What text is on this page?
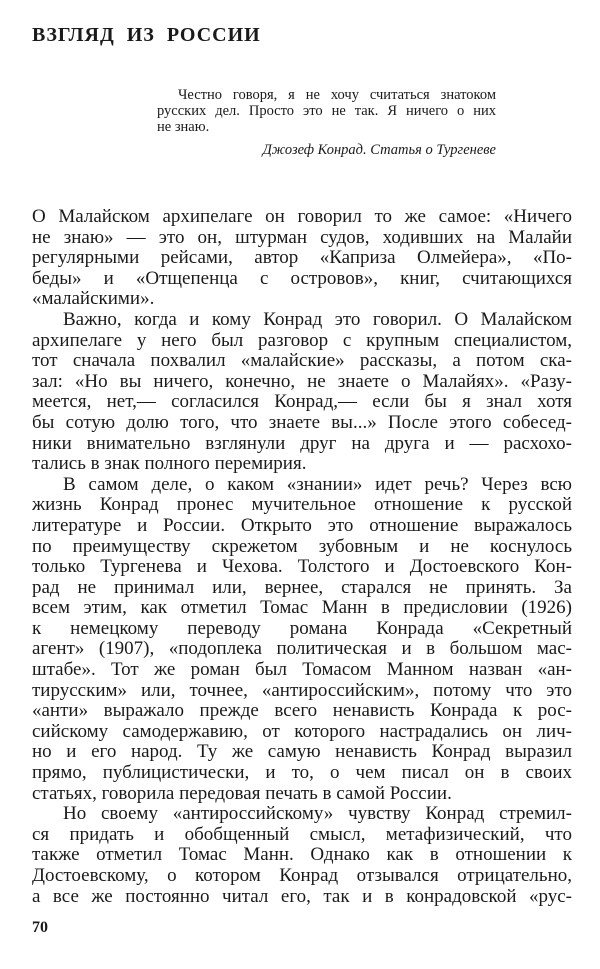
ВЗГЛЯД ИЗ РОССИИ
Честно говоря, я не хочу считаться знатоком
русских дел. Просто это не так. Я ничего о них
не знаю.
Джозеф Конрад. Статья о Тургеневе
О Малайском архипелаге он говорил то же самое: «Ничего
не знаю» — это он, штурман судов, ходивших на Малайи
регулярными рейсами, автор «Каприза Олмейера», «По-
беды» и «Отщепенца с островов», книг, считающихся
«малайскими».
Важно, когда и кому Конрад это говорил. О Малайском
архипелаге у него был разговор с крупным специалистом,
тот сначала похвалил «малайские» рассказы, а потом ска-
зал: «Но вы ничего, конечно, не знаете о Малайях». «Разу-
меется, нет,— согласился Конрад,— если бы я знал хотя
бы сотую долю того, что знаете вы...» После этого собесед-
ники внимательно взглянули друг на друга и — расхохо-
тались в знак полного перемирия.
В самом деле, о каком «знании» идет речь? Через всю
жизнь Конрад пронес мучительное отношение к русской
литературе и России. Открыто это отношение выражалось
по преимуществу скрежетом зубовным и не коснулось
только Тургенева и Чехова. Толстого и Достоевского Кон-
рад не принимал или, вернее, старался не принять. За
всем этим, как отметил Томас Манн в предисловии (1926)
к немецкому переводу романа Конрада «Секретный
агент» (1907), «подоплека политическая и в большом мас-
штабе». Тот же роман был Томасом Манном назван «ан-
тирусским» или, точнее, «антироссийским», потому что это
«анти» выражало прежде всего ненависть Конрада к рос-
сийскому самодержавию, от которого настрадались он лич-
но и его народ. Ту же самую ненависть Конрад выразил
прямо, публицистически, и то, о чем писал он в своих
статьях, говорила передовая печать в самой России.
Но своему «антироссийскому» чувству Конрад стремил-
ся придать и обобщенный смысл, метафизический, что
также отметил Томас Манн. Однако как в отношении к
Достоевскому, о котором Конрад отзывался отрицательно,
а все же постоянно читал его, так и в конрадовской «рус-
70
